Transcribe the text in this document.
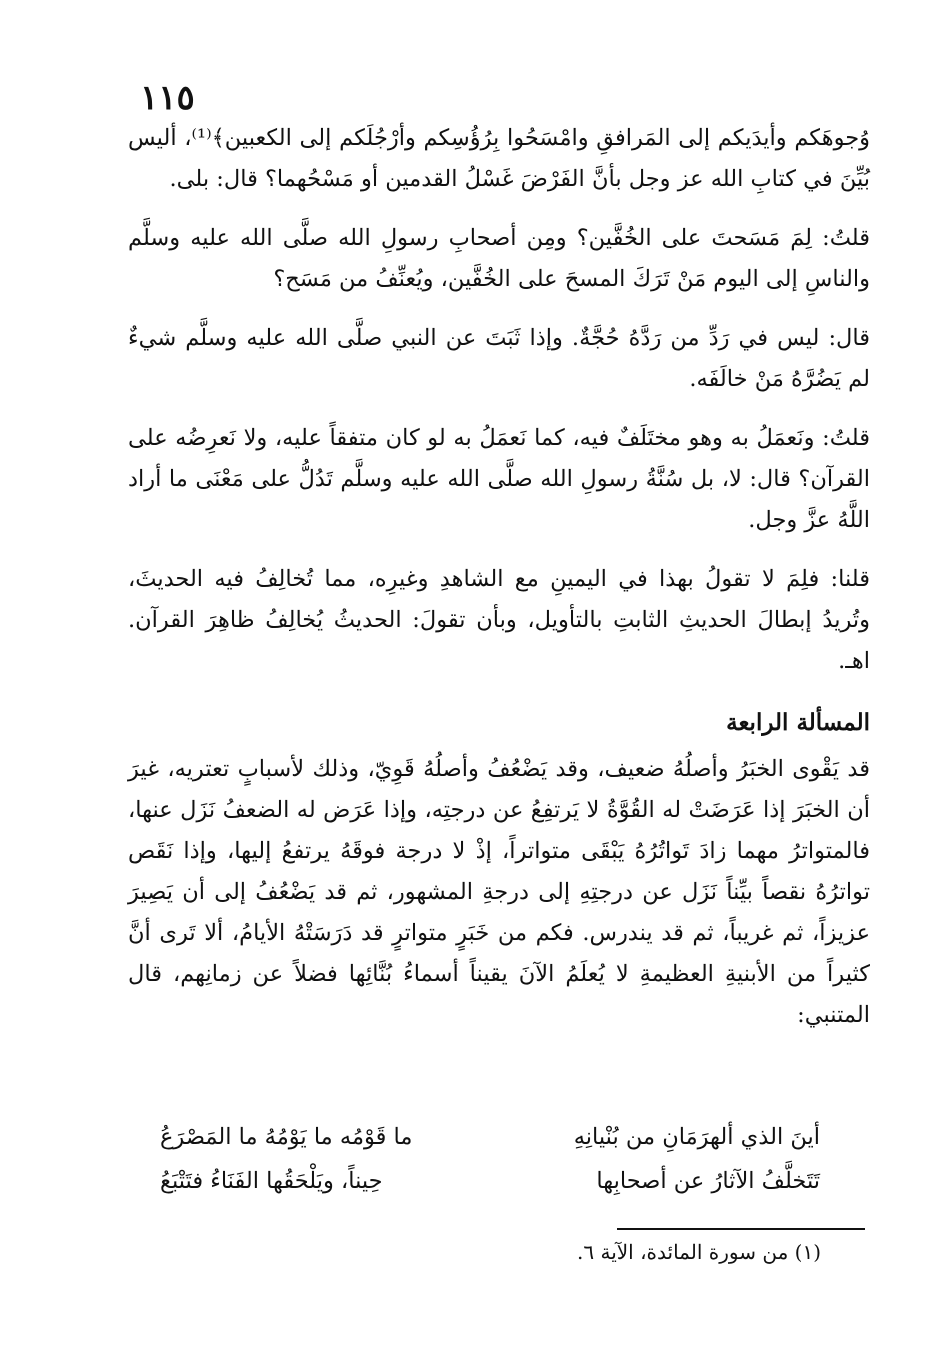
١١٥

وُجوهَكم وأيدَيكم إلى المَرافقِ وامْسَحُوا بِرُؤُسِكم وأرْجُلَكم إلى الكعبين﴾⁽¹⁾، أليس بُيِّنَ في كتابِ الله عز وجل بأنَّ الفَرْضَ غَسْلُ القدمين أو مَسْحُهما؟ قال: بلى.

قلتُ: لِمَ مَسَحتَ على الخُفَّين؟ ومِن أصحابِ رسولِ الله صلَّى الله عليه وسلَّم والناسِ إلى اليوم مَنْ تَرَكَ المسحَ على الخُفَّين، ويُعنِّفُ من مَسَح؟

قال: ليس في رَدِّ من رَدَّهُ حُجَّةٌ. وإذا ثَبَتَ عن النبي صلَّى الله عليه وسلَّم شيءٌ لم يَضُرَّهُ مَنْ خالَفَه.

قلتُ: ونَعمَلُ به وهو مختَلَفٌ فيه، كما نَعمَلُ به لو كان متفقاً عليه، ولا نَعرِضُه على القرآن؟ قال: لا، بل سُنَّةُ رسولِ الله صلَّى الله عليه وسلَّم تَدُلُّ على مَعْنَى ما أراد اللَّهُ عزَّ وجل.

قلنا: فلِمَ لا تقولُ بهذا في اليمينِ مع الشاهدِ وغيرِه، مما تُخالِفُ فيه الحديثَ، وتُريدُ إبطالَ الحديثِ الثابتِ بالتأويل، وبأن تقولَ: الحديثُ يُخالِفُ ظاهِرَ القرآن. اهـ.

المسألة الرابعة

قد يَقْوى الخبَرُ وأصلُهُ ضعيف، وقد يَضْعُفُ وأصلُهُ قَوِيّ، وذلك لأسبابٍ تعتريه، غيرَ أن الخبَرَ إذا عَرَضَتْ له القُوَّةُ لا يَرتفِعُ عن درجتِه، وإذا عَرَض له الضعفُ نَزَل عنها، فالمتواترُ مهما زادَ تَواتُرُهُ يَبْقَى متواتراً، إذْ لا درجة فوقَهُ يرتفعُ إليها، وإذا نَقَص تواترُهُ نقصاً بيِّناً نَزَل عن درجتِهِ إلى درجةِ المشهور، ثم قد يَضْعُفُ إلى أن يَصِيرَ عزيزاً، ثم غريباً، ثم قد يندرس. فكم من خَبَرٍ متواترٍ قد دَرَسَتْهُ الأيامُ، ألا تَرى أنَّ كثيراً من الأبنيةِ العظيمةِ لا يُعلَمُ الآنَ يقيناً أسماءُ بُنَّائِها فضلاً عن زمانِهم، قال المتنبي:

أينَ الذي ألهرَمَانِ من بُنْيانِهِ
ما قَوْمُه ما يَوْمُهُ ما المَصْرَعُ
تَتَخلَّفُ الآثارُ عن أصحابِها
حِيناً، ويَلْحَقُها الفَنَاءُ فتَتْبَعُ
(١) من سورة المائدة، الآية ٦.
